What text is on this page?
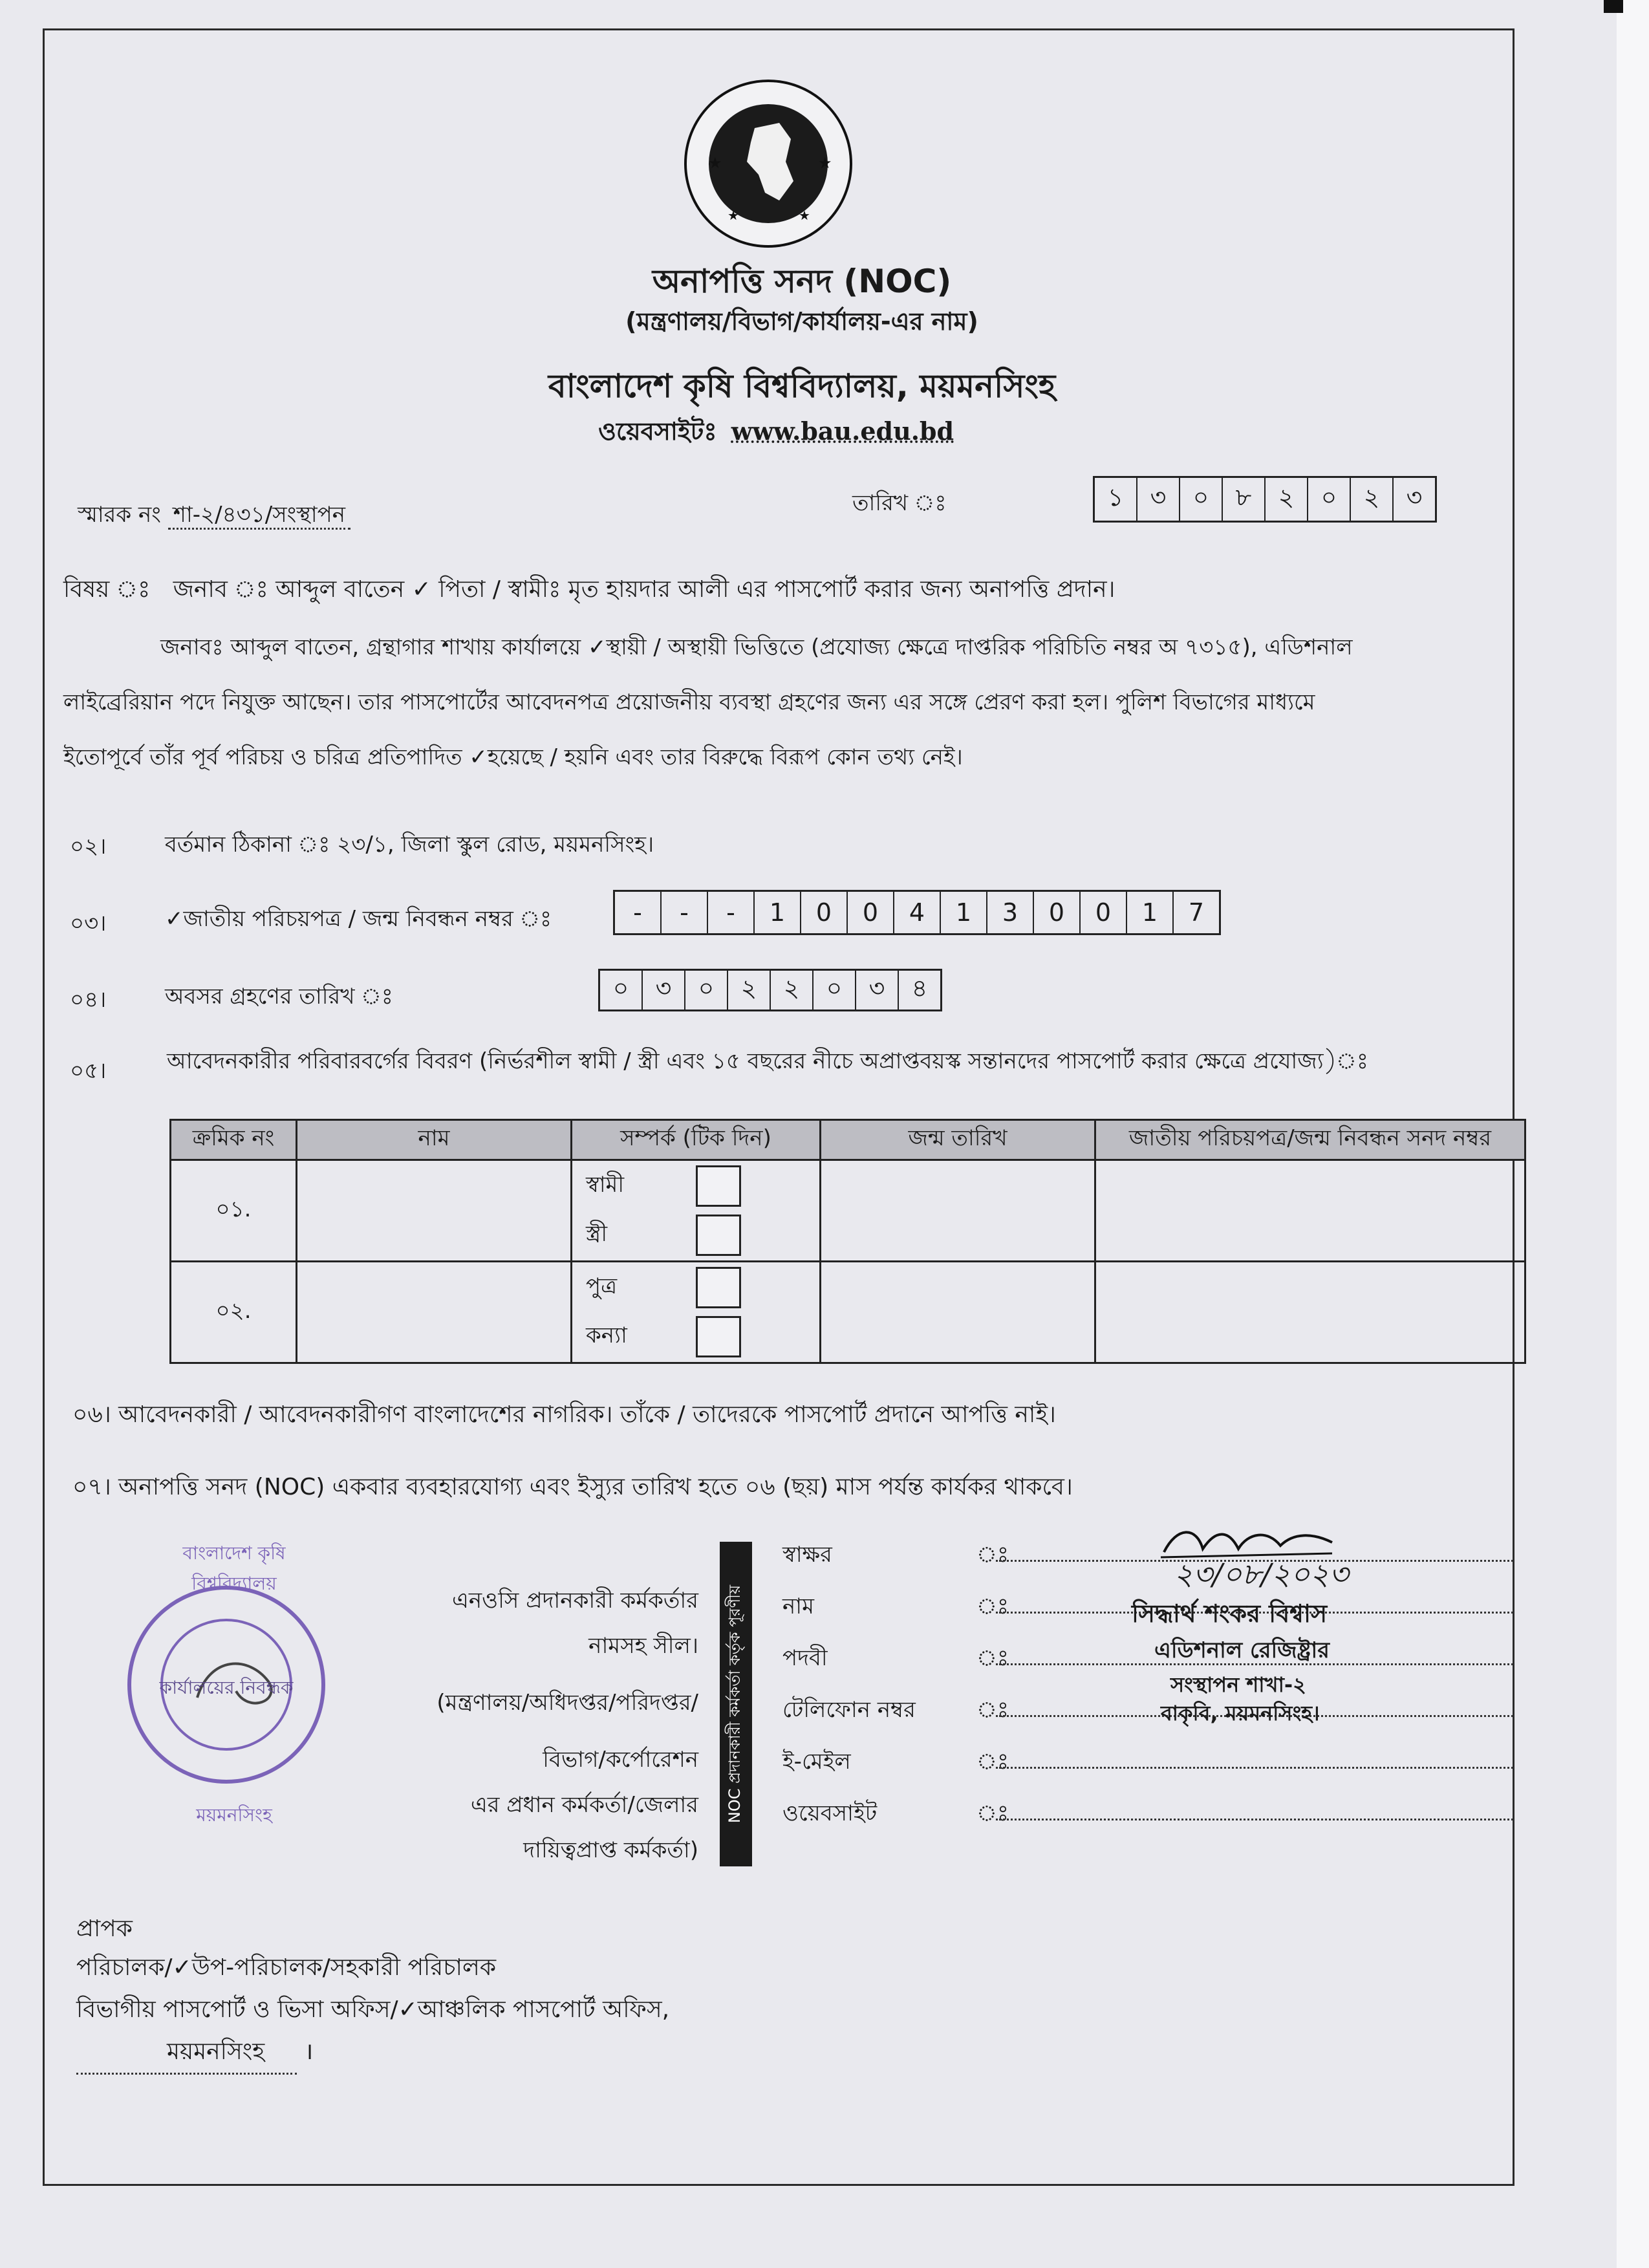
★	★
★	★
অনাপত্তি সনদ (NOC)
(মন্ত্রণালয়/বিভাগ/কার্যালয়-এর নাম)
বাংলাদেশ কৃষি বিশ্ববিদ্যালয়, ময়মনসিংহ
ওয়েবসাইটঃ www.bau.edu.bd
স্মারক নং শা-২/৪৩১/সংস্থাপন	তারিখ ঃ	১	৩	০	৮	২	০	২	৩
বিষয় ঃ জনাব ঃ আব্দুল বাতেন ✓ পিতা / স্বামীঃ মৃত হায়দার আলী এর পাসপোর্ট করার জন্য অনাপত্তি প্রদান।
জনাবঃ আব্দুল বাতেন, গ্রন্থাগার শাখায় কার্যালয়ে ✓স্থায়ী / অস্থায়ী ভিত্তিতে (প্রযোজ্য ক্ষেত্রে দাপ্তরিক পরিচিতি নম্বর অ ৭৩১৫), এডিশনাল
লাইব্রেরিয়ান পদে নিযুক্ত আছেন। তার পাসপোর্টের আবেদনপত্র প্রয়োজনীয় ব্যবস্থা গ্রহণের জন্য এর সঙ্গে প্রেরণ করা হল। পুলিশ বিভাগের মাধ্যমে
ইতোপূর্বে তাঁর পূর্ব পরিচয় ও চরিত্র প্রতিপাদিত ✓হয়েছে / হয়নি এবং তার বিরুদ্ধে বিরূপ কোন তথ্য নেই।
০২।	বর্তমান ঠিকানা ঃ ২৩/১, জিলা স্কুল রোড, ময়মনসিংহ।
০৩।	✓জাতীয় পরিচয়পত্র / জন্ম নিবন্ধন নম্বর ঃ	-	-	-	1	0	0	4	1	3	0	0	1	7
০৪।	অবসর গ্রহণের তারিখ ঃ	০	৩	০	২	২	০	৩	৪
০৫।	আবেদনকারীর পরিবারবর্গের বিবরণ (নির্ভরশীল স্বামী / স্ত্রী এবং ১৫ বছরের নীচে অপ্রাপ্তবয়স্ক সন্তানদের পাসপোর্ট করার ক্ষেত্রে প্রযোজ্য)ঃ
ক্রমিক নং	নাম	সম্পর্ক (টিক দিন)	জন্ম তারিখ	জাতীয় পরিচয়পত্র/জন্ম নিবন্ধন সনদ নম্বর
০১.		স্বামী
স্ত্রী		

০২.		পুত্র
কন্যা		

০৬। আবেদনকারী / আবেদনকারীগণ বাংলাদেশের নাগরিক। তাঁকে / তাদেরকে পাসপোর্ট প্রদানে আপত্তি নাই।
০৭। অনাপত্তি সনদ (NOC) একবার ব্যবহারযোগ্য এবং ইস্যুর তারিখ হতে ০৬ (ছয়) মাস পর্যন্ত কার্যকর থাকবে।
বাংলাদেশ কৃষি বিশ্ববিদ্যালয়
কার্যালয়ের নিবন্ধক
ময়মনসিংহ
এনওসি প্রদানকারী কর্মকর্তার
নামসহ সীল।
(মন্ত্রণালয়/অধিদপ্তর/পরিদপ্তর/
বিভাগ/কর্পোরেশন
এর প্রধান কর্মকর্তা/জেলার
দায়িত্বপ্রাপ্ত কর্মকর্তা)
NOC প্রদানকারী কর্মকর্তা কর্তৃক পূরণীয়
স্বাক্ষর	ঃ
নাম	ঃ	সিদ্ধার্থ শংকর বিশ্বাস
পদবী	ঃ	এডিশনাল রেজিষ্ট্রার
টেলিফোন নম্বর	ঃ
সংস্থাপন শাখা-২
বাকৃবি, ময়মনসিংহ।
ই-মেইল	ঃ
ওয়েবসাইট	ঃ
২৩/০৮/২০২৩
প্রাপক
পরিচালক/✓উপ-পরিচালক/সহকারী পরিচালক
বিভাগীয় পাসপোর্ট ও ভিসা অফিস/✓আঞ্চলিক পাসপোর্ট অফিস,
ময়মনসিংহ ।
